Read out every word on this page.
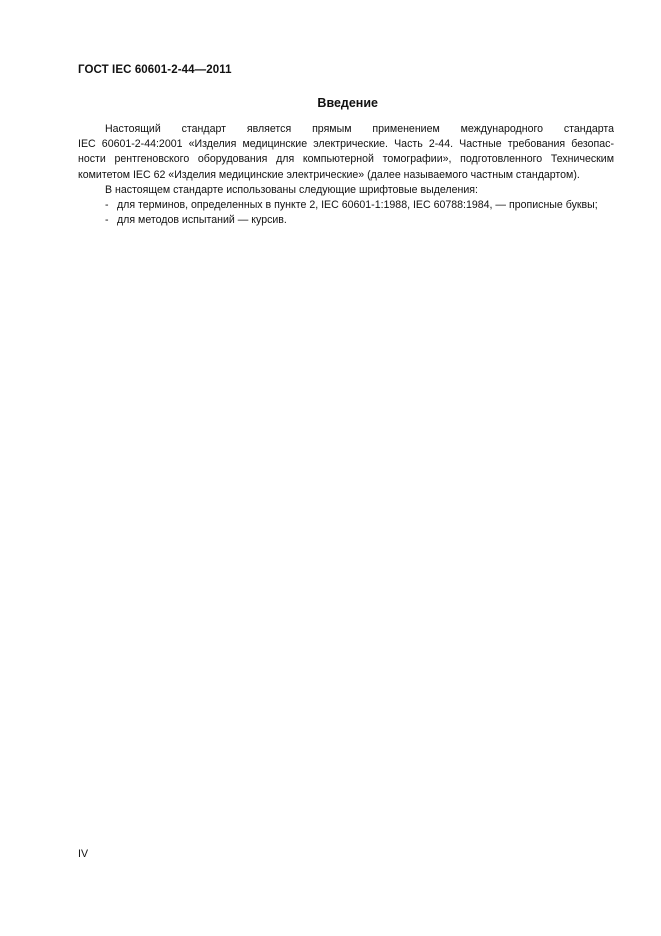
ГОСТ IEC 60601-2-44—2011
Введение
Настоящий стандарт является прямым применением международного стандарта
IEC 60601-2-44:2001 «Изделия медицинские электрические. Часть 2-44. Частные требования безопас-
ности рентгеновского оборудования для компьютерной томографии», подготовленного Техническим
комитетом IEC 62 «Изделия медицинские электрические» (далее называемого частным стандартом).
В настоящем стандарте использованы следующие шрифтовые выделения:
- для терминов, определенных в пункте 2, IEC 60601-1:1988, IEC 60788:1984, — прописные буквы;
- для методов испытаний — курсив.
IV
